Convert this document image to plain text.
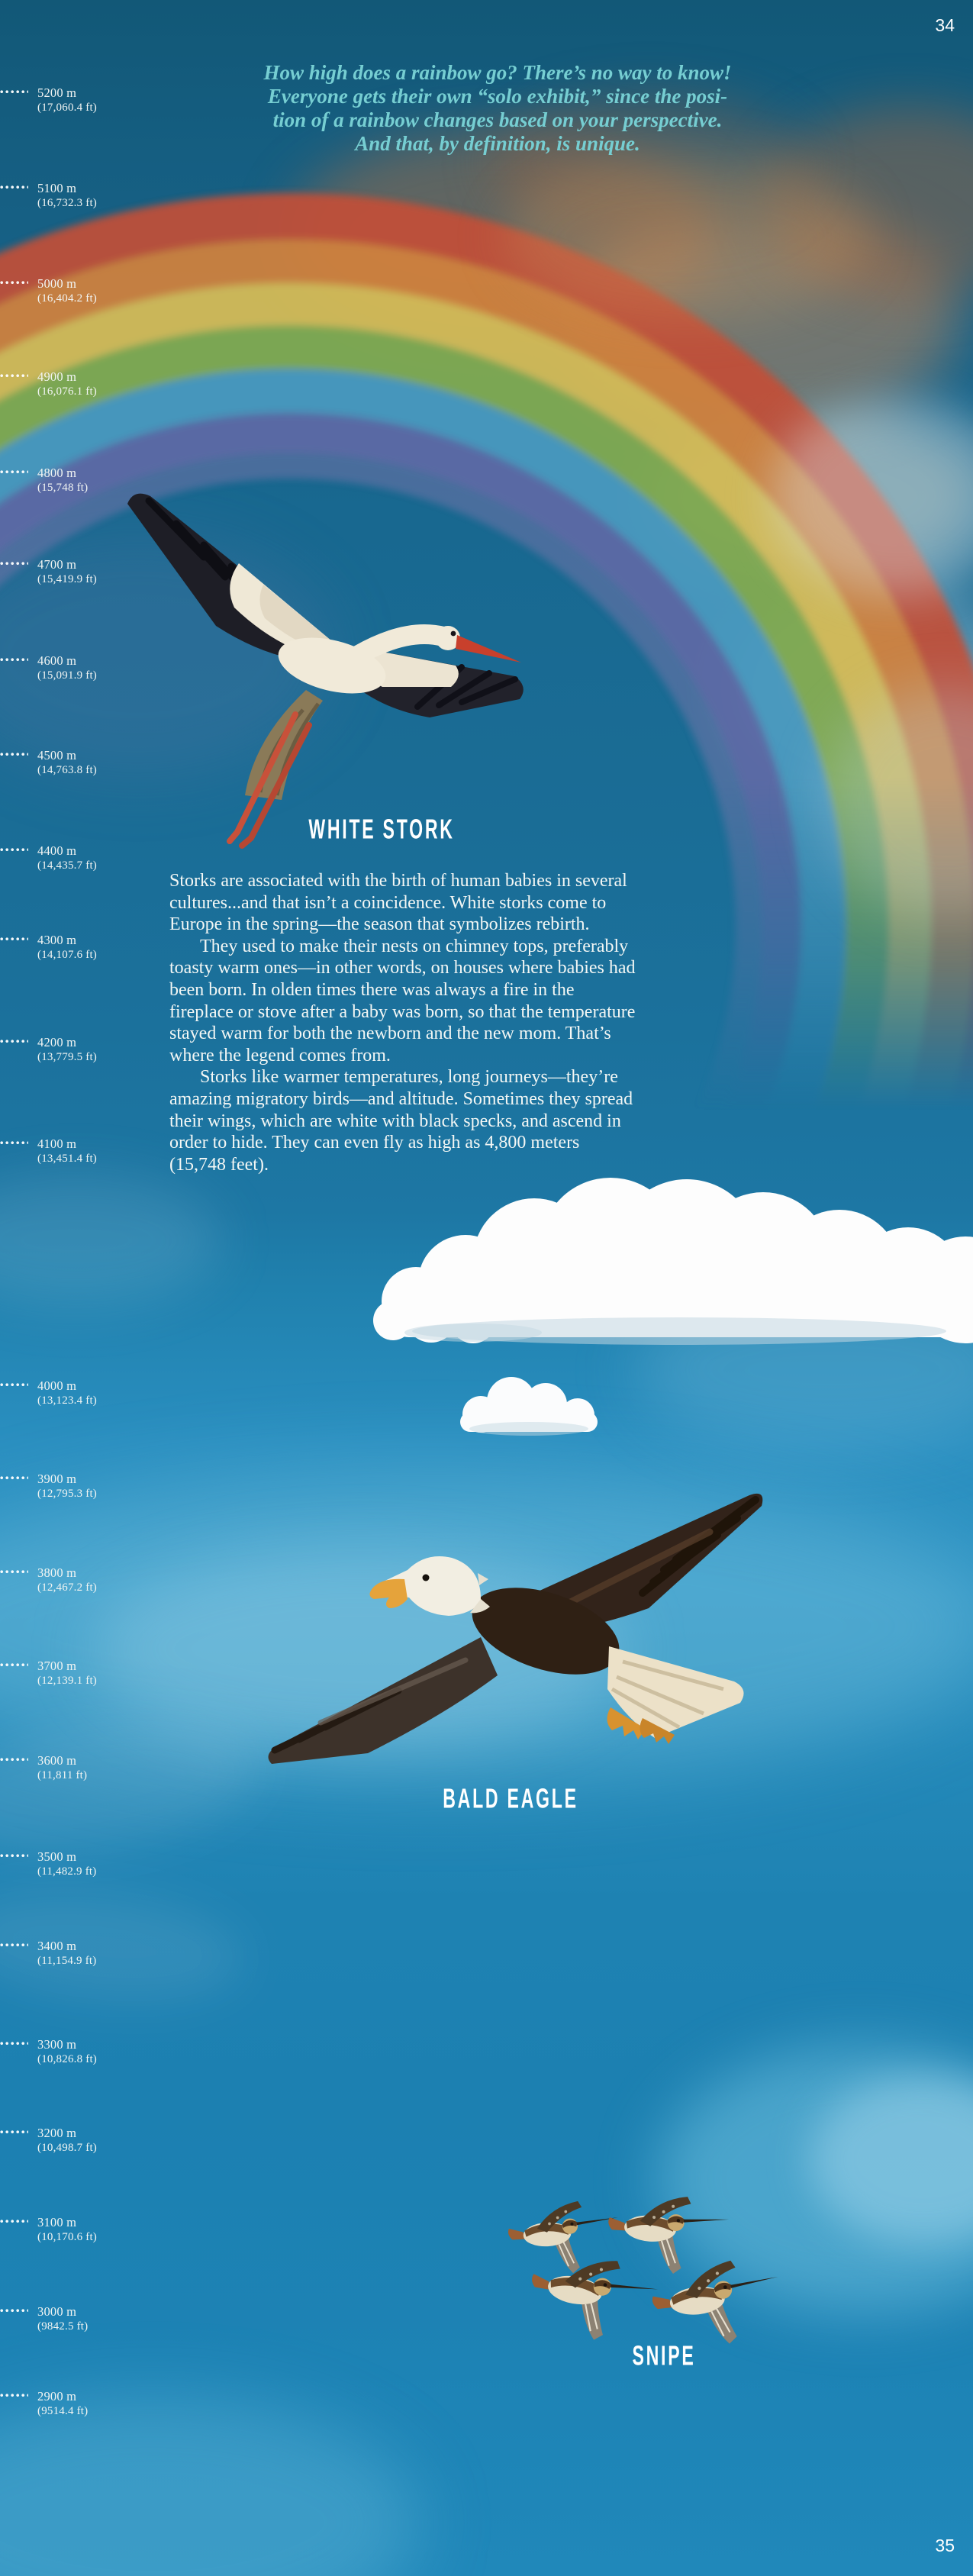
How high does a rainbow go? There’s no way to know!
Everyone gets their own “solo exhibit,” since the posi-
tion of a rainbow changes based on your perspective.
And that, by definition, is unique.
5200 m
(17,060.4 ft)
5100 m
(16,732.3 ft)
5000 m
(16,404.2 ft)
4900 m
(16,076.1 ft)
4800 m
(15,748 ft)
4700 m
(15,419.9 ft)
4600 m
(15,091.9 ft)
4500 m
(14,763.8 ft)
4400 m
(14,435.7 ft)
4300 m
(14,107.6 ft)
4200 m
(13,779.5 ft)
4100 m
(13,451.4 ft)
4000 m
(13,123.4 ft)
3900 m
(12,795.3 ft)
3800 m
(12,467.2 ft)
3700 m
(12,139.1 ft)
3600 m
(11,811 ft)
3500 m
(11,482.9 ft)
3400 m
(11,154.9 ft)
3300 m
(10,826.8 ft)
3200 m
(10,498.7 ft)
3100 m
(10,170.6 ft)
3000 m
(9842.5 ft)
2900 m
(9514.4 ft)
WHITE STORK

Storks are associated with the birth of human babies in several cultures...and that isn’t a coincidence. White storks come to Europe in the spring—the season that symbolizes rebirth.

They used to make their nests on chimney tops, preferably toasty warm ones—in other words, on houses where babies had been born. In olden times there was always a fire in the fireplace or stove after a baby was born, so that the temperature stayed warm for both the newborn and the new mom. That’s where the legend comes from.

Storks like warmer temperatures, long journeys—they’re amazing migratory birds—and altitude. Sometimes they spread their wings, which are white with black specks, and ascend in order to hide. They can even fly as high as 4,800 meters (15,748 feet).

BALD EAGLE
SNIPE
34
35
